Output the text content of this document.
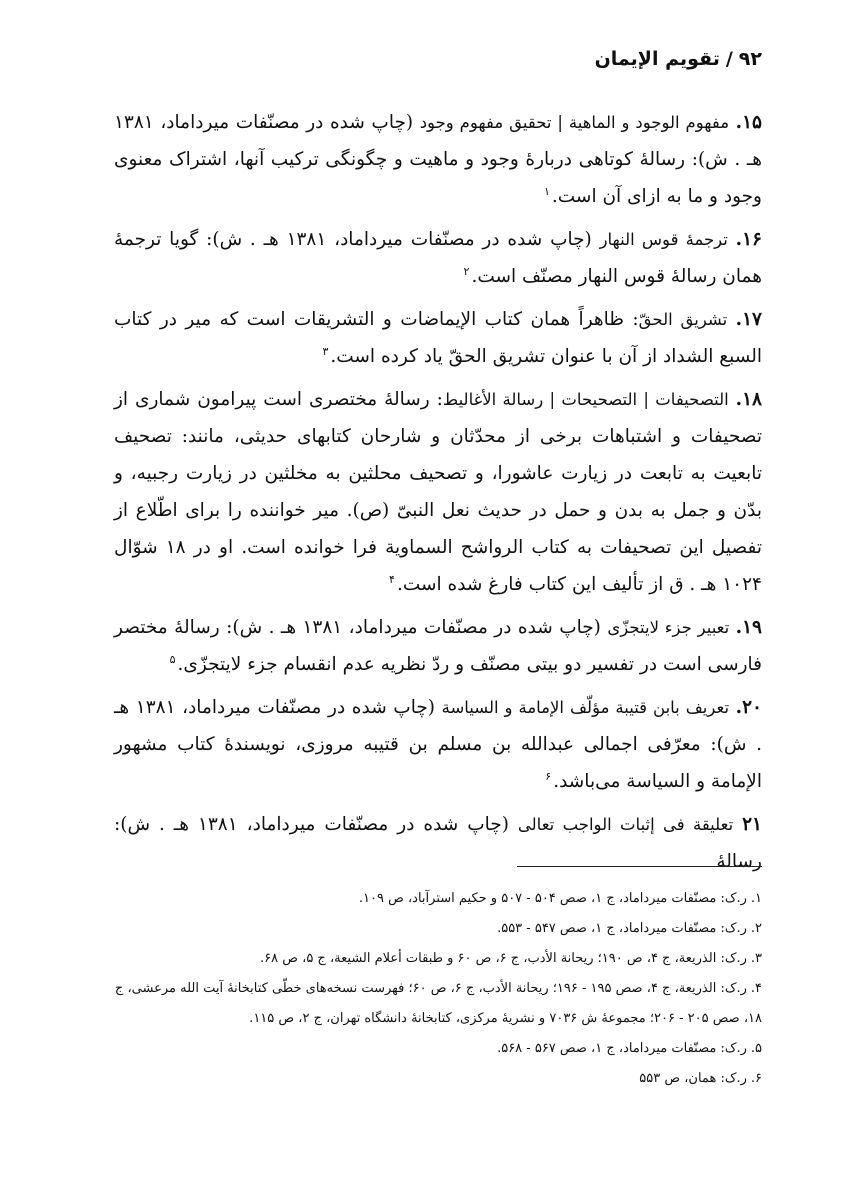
۹۲/تقویم الإیمان

۱۵. مفهوم الوجود و الماهیة | تحقیق مفهوم وجود (چاپ شده در مصنّفات میرداماد، ۱۳۸۱ هـ . ش): رسالهٔ کوتاهی دربارهٔ وجود و ماهیت و چگونگی ترکیب آنها، اشتراک معنوی وجود و ما به ازای آن است.$^۱$

۱۶. ترجمهٔ قوس النهار (چاپ شده در مصنّفات میرداماد، ۱۳۸۱ هـ . ش): گویا ترجمهٔ همان رسالهٔ قوس النهار مصنّف است.$^۲$

۱۷. تشریق الحقّ: ظاهراً همان کتاب الإیماضات و التشریقات است که میر در کتاب السبع الشداد از آن با عنوان تشریق الحقّ یاد کرده است.$^۳$

۱۸. التصحیفات | التصحیحات | رسالة الأغالیط: رسالهٔ مختصری است پیرامون شماری از تصحیفات و اشتباهات برخی از محدّثان و شارحان کتابهای حدیثی، مانند: تصحیف تابعیت به تابعت در زیارت عاشورا، و تصحیف محلثین به مخلثین در زیارت رجبیه، و بدّن و جمل به بدن و حمل در حدیث نعل النبیّ (ص). میر خواننده را برای اطّلاع از تفصیل این تصحیفات به کتاب الرواشح السماویة فرا خوانده است. او در ۱۸ شوّال ۱۰۲۴ هـ . ق از تألیف این کتاب فارغ شده است.$^۴$

۱۹. تعبیر جزء لایتجزّی (چاپ شده در مصنّفات میرداماد، ۱۳۸۱ هـ . ش): رسالهٔ مختصر فارسی است در تفسیر دو بیتی مصنّف و ردّ نظریه عدم انقسام جزء لایتجزّی.$^۵$

۲۰. تعریف بابن قتیبة مؤلّف الإمامة و السیاسة (چاپ شده در مصنّفات میرداماد، ۱۳۸۱ هـ . ش): معرّفی اجمالی عبدالله بن مسلم بن قتیبه مروزی، نویسندهٔ کتاب مشهور الإمامة و السیاسة می‌باشد.$^۶$

۲۱ تعلیقة فی إثبات الواجب تعالی (چاپ شده در مصنّفات میرداماد، ۱۳۸۱ هـ . ش): رسالهٔ

۱.ر.ک: مصنّفات میرداماد، ج ۱، صص ۵۰۴ - ۵۰۷ و حکیم استرآباد، ص ۱۰۹.

۲.ر.ک: مصنّفات میرداماد، ج ۱، صص ۵۴۷ - ۵۵۳.

۳.ر.ک: الذریعة، ج ۴، ص ۱۹۰؛ ریحانة الأدب، ج ۶، ص ۶۰ و طبقات أعلام الشیعة، ج ۵، ص ۶۸.

۴.ر.ک: الذریعة، ج ۴، صص ۱۹۵ - ۱۹۶؛ ریحانة الأدب، ج ۶، ص ۶۰؛ فهرست نسخه‌های خطّی کتابخانهٔ آیت الله مرعشی، ج ۱۸، صص ۲۰۵ - ۲۰۶؛ مجموعهٔ ش ۷۰۳۶ و نشریهٔ مرکزی، کتابخانهٔ دانشگاه تهران، ج ۲، ص ۱۱۵.

۵.ر.ک: مصنّفات میرداماد، ج ۱، صص ۵۶۷ - ۵۶۸.

۶.ر.ک: همان، ص ۵۵۳
